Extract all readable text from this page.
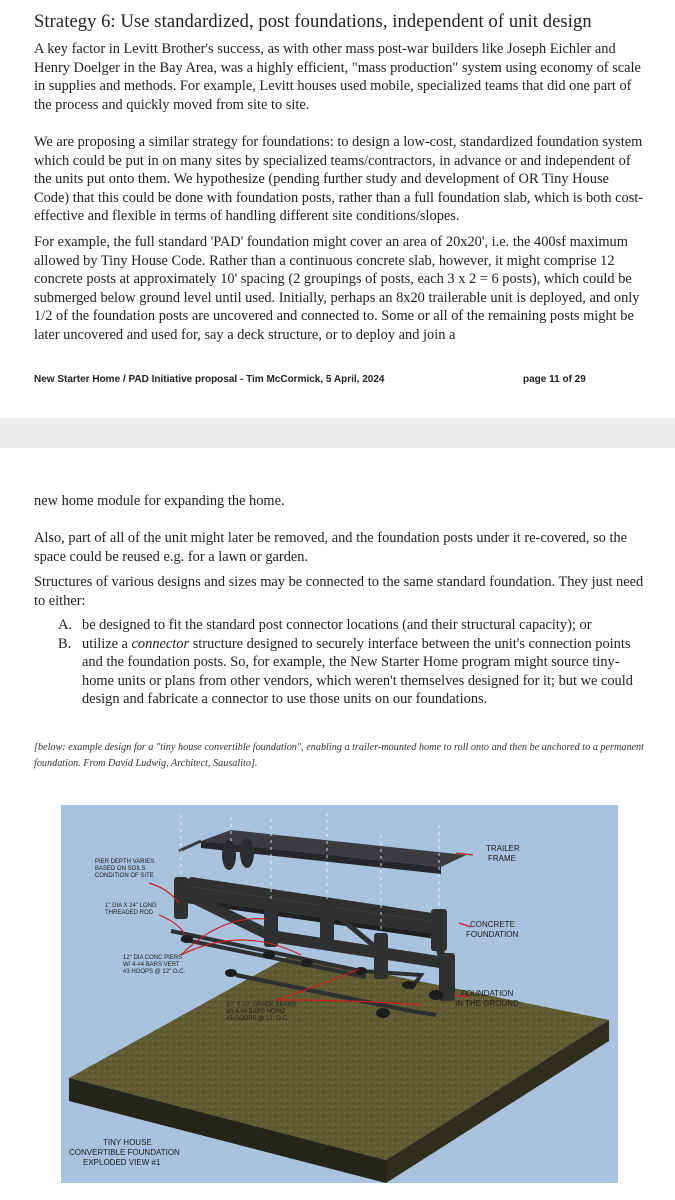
Strategy 6: Use standardized, post foundations, independent of unit design
A key factor in Levitt Brother's success, as with other mass post-war builders like Joseph Eichler and Henry Doelger in the Bay Area, was a highly efficient, "mass production" system using economy of scale in supplies and methods. For example, Levitt houses used mobile, specialized teams that did one part of the process and quickly moved from site to site.
We are proposing a similar strategy for foundations: to design a low-cost, standardized foundation system which could be put in on many sites by specialized teams/contractors, in advance or and independent of the units put onto them. We hypothesize (pending further study and development of OR Tiny House Code) that this could be done with foundation posts, rather than a full foundation slab, which is both cost-effective and flexible in terms of handling different site conditions/slopes.
For example, the full standard 'PAD' foundation might cover an area of 20x20', i.e. the 400sf maximum allowed by Tiny House Code. Rather than a continuous concrete slab, however, it might comprise 12 concrete posts at approximately 10' spacing (2 groupings of posts, each 3 x 2 = 6 posts), which could be submerged below ground level until used. Initially, perhaps an 8x20 trailerable unit is deployed, and only 1/2 of the foundation posts are uncovered and connected to. Some or all of the remaining posts might be later uncovered and used for, say a deck structure, or to deploy and join a
New Starter Home / PAD Initiative proposal - Tim McCormick, 5 April, 2024	page 11 of 29
new home module for expanding the home.
Also, part of all of the unit might later be removed, and the foundation posts under it re-covered, so the space could be reused e.g. for a lawn or garden.
Structures of various designs and sizes may be connected to the same standard foundation. They just need to either:
A. be designed to fit the standard post connector locations (and their structural capacity); or
B. utilize a connector structure designed to securely interface between the unit's connection points and the foundation posts. So, for example, the New Starter Home program might source tiny-home units or plans from other vendors, which weren't themselves designed for it; but we could design and fabricate a connector to use those units on our foundations.
[below: example design for a "tiny house convertible foundation", enabling a trailer-mounted home to roll onto and then be anchored to a permanent foundation. From David Ludwig, Architect, Sausalito].
PIER DEPTH VARIES BASED ON SOILS CONDITION OF SITE
1" DIA X 24" LONG THREADED ROD
12" DIA CONC PIERS W/ 4-#4 BARS VERT #3 HOOPS @ 12" O.C.
10" X 10" GRADE BEAMS W/ 4-#4 BARS HORIZ #3 GOOPS @ 12" O.C.
TRAILER FRAME
CONCRETE FOUNDATION
FOUNDATION IN THE GROUND
TINY HOUSE CONVERTIBLE FOUNDATION EXPLODED VIEW #1
